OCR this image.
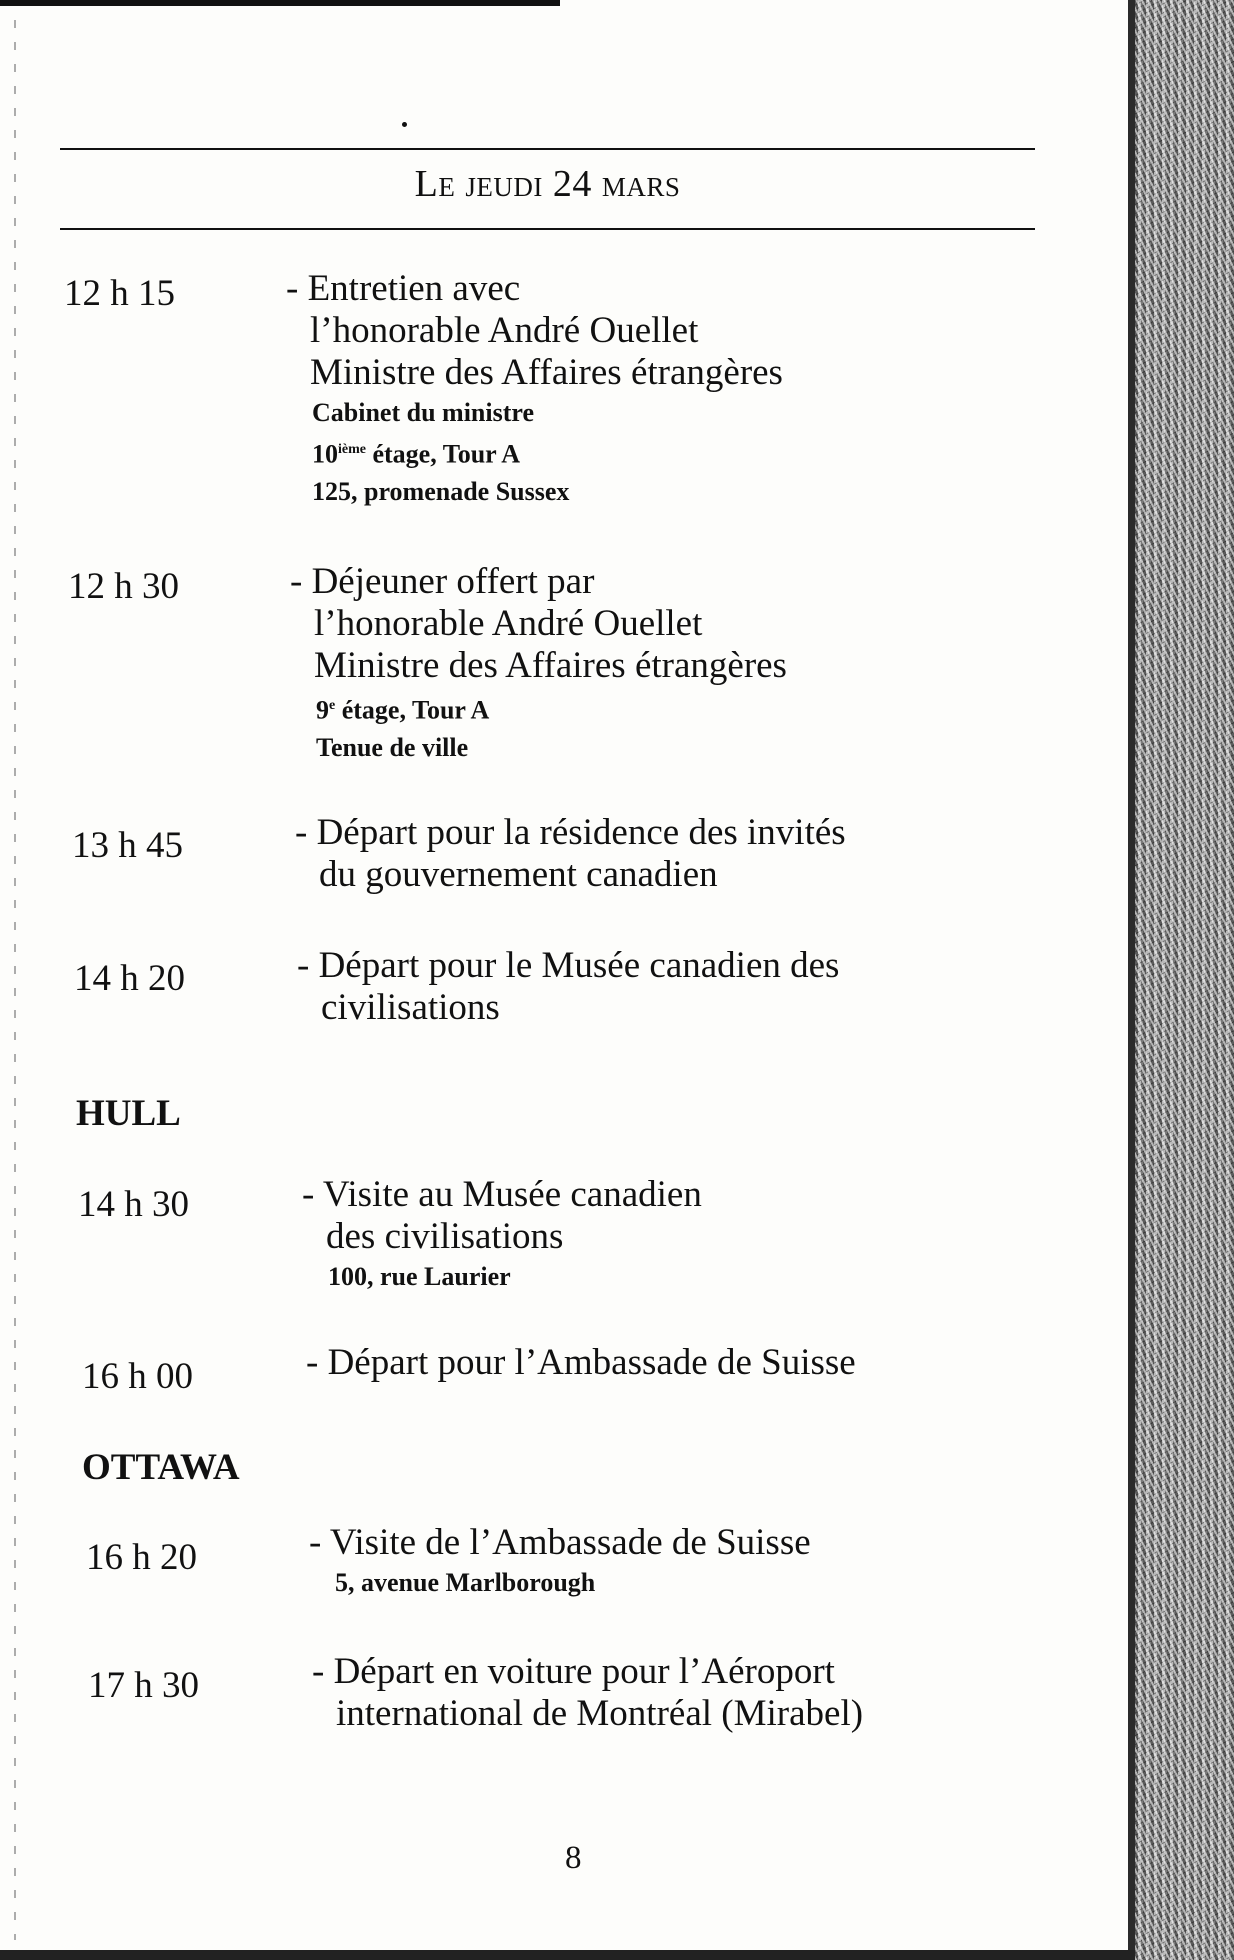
Le jeudi 24 mars
12 h 15	- Entretien avec
l’honorable André Ouellet
Ministre des Affaires étrangères
Cabinet du ministre
10ième étage, Tour A
125, promenade Sussex
12 h 30	- Déjeuner offert par
l’honorable André Ouellet
Ministre des Affaires étrangères
9e étage, Tour A
Tenue de ville
13 h 45	- Départ pour la résidence des invités
du gouvernement canadien
14 h 20	- Départ pour le Musée canadien des
civilisations
HULL
14 h 30	- Visite au Musée canadien
des civilisations
100, rue Laurier
16 h 00	- Départ pour l’Ambassade de Suisse
OTTAWA
16 h 20	- Visite de l’Ambassade de Suisse
5, avenue Marlborough
17 h 30	- Départ en voiture pour l’Aéroport
international de Montréal (Mirabel)
8
